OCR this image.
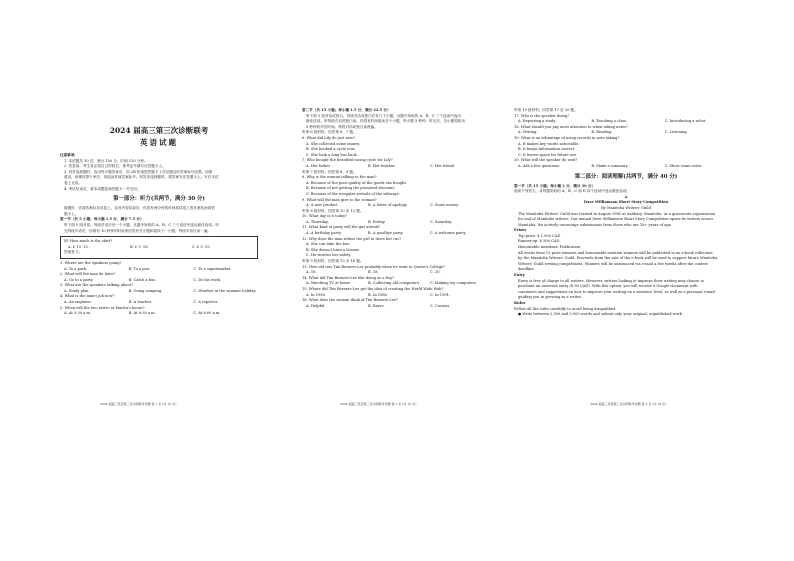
2024 届高三第三次诊断联考
英语试题
注意事项:
1. 本试题共 10 页，满分 150 分，时间 120 分钟。
2. 答卷前，考生务必将自己的姓名、准考证号填写在答题卡上。
3. 回答选择题时，选出每小题答案后，用 2B 铅笔把答题卡上对应题目的答案标号涂黑。如需
改动，用橡皮擦干净后，再选涂其他答案标号。回答非选择题时，将答案写在答题卡上。写在本试
卷上无效。
4. 考试结束后，将本试题卷和答题卡一并交回。
第一部分：听力(共两节，满分 30 分)
做题时，先将答案标在试卷上。录音内容结束后，你将有两分钟的时间将试卷上的答案转涂到答
题卡上。
第一节（共 5 小题；每小题 1.5 分，满分 7.5 分）
听下面 5 段对话。每段对话后有一个小题，从题中所给的 A、B、C 三个选项中选出最佳选项。听
完每段对话后，你都有 10 秒钟的时间来回答有关小题和阅读下一小题。每段对话仅读一遍。
例: How much is the shirt?
A. £ 19. 15.	B. £ 9. 18.	C. £ 9. 15.
答案是 C。
1. Where are the speakers going?
A. To a park.	B. To a pen.	C. To a supermarket.
2. What will the man do later?
A. Go to a party.	B. Catch a bus.	C. Do his work.
3. What are the speakers talking about?
A. Study plan.	B. Going camping.	C. Weather in the summer holiday.
4. What is the man's job now?
A. An engineer.	B. A teacher.	C. A reporter.
5. When will the two arrive at Martin's house?
A. At 5:30 a.m.	B. At 6:30 a.m.	C. At 8:00 a.m.
第二节（共 15 小题；每小题 1.5 分，满分 22.5 分）
听下面 5 段对话或独白。每段对话或独白后有几个小题，从题中所给的 A、B、C 三个选项中选出
最佳选项。听每段对话或独白前，你将有时间阅读各个小题，每小题 5 秒钟；听完后，各小题将给出
5 秒钟的作答时间。每段对话或独白读两遍。
听第 6 段材料，回答第 6、7 题。
6. What did Lily do just now?
A. She collected some money.
B. She booked a cycle tour.
C. She took a long bus back.
7. Who bought the beautiful racing cycle for Lily?
A. Her father.	B. Her brother.	C. Her friend.
听第 7 段材料，回答第 8、9 题。
8. Why is the woman talking to the man?
A. Because of the poor quality of the goods she bought.
B. Because of not getting the promised discount.
C. Because of the irregular arrivals of the subways.
9. What will the man give to the woman?
A. A new product.	B. A letter of apology.	C. Some money.
听第 8 段材料，回答第 10 至 12 题。
10. What day is it today?
A. Thursday.	B. Friday.	C. Saturday.
11. What kind of party will the girl attend?
A. A birthday party.	B. A goodbye party.	C. A welcome party.
12. Why does the man refuse the girl to drive her car?
A. She can take the bus.
B. She doesn't have a license.
C. He worries her safety.
听第 9 段材料，回答第 13 至 16 题。
13. How old was Tim Berners-Lee probably when he went to Queen's College?
A. 16.	B. 18.	C. 20.
14. What did Tim Berners-Lee like doing as a boy?
A. Watching TV at home.	B. Collecting old computers.	C. Making toy computers.
15. Where did Tim Berners-Lee get the idea of creating the World Wide Web?
A. In 1989.	B. In 1980.	C. In 1991.
16. What does the woman think of Tim Berners-Lee?
A. Helpful.	B. Brave.	C. Curious.
听第 10 段材料，回答第 17 至 20 题。
17. Who is the speaker doing?
A. Reporting a study.	B. Teaching a class.	C. Introducing a robot.
18. What should you pay most attention to when taking notes?
A. Writing.	B. Reading.	C. Listening.
19. What is an advantage of using records in note taking?
A. It makes key words noticeable.
B. It keeps information correct.
C. It leaves space for future use.
20. What will the speaker do next?
A. Ask a few questions.	B. Make a summary.	C. Show some notes.
第二部分：阅读理解(共两节，满分 40 分)
第一节（共 15 小题；每小题 2 分，满分 30 分）
阅读下列短文，从每题所给的 A、B、C 和 D 四个选项中选出最佳选项。
A
Dave Williamson Short Story Competition
By Manitoba Writers' Guild
The Manitoba Writers' Guild was formed in August 1981 at Ashbury, Manitoba, as a grassroots organization
for and of Manitoba writers. Our annual Dave Williamson Short Story Competition opens its writers across
Manitoba. We actively encourage submissions from those who are 18+ years of age.
Prizes
Top prize: $ 1,000 CAD
Runner-up: $ 500 CAD
Honourable mentions: Publication
All works from 15 prize winners and honourable mention winners will be published in an e-book collection
by the Manitoba Writers' Guild. Proceeds from the sale of the e-book will be used to support future Manitoba
Writers' Guild writing competitions. Winners will be announced via e-mail a few weeks after the contest
deadline.
Entry
Entry is free of charge to all writers. However, writers looking to improve their writing may choose to
purchase an assessed entry ($ 80 CAD). With this option, you will receive a Google document with
comments and suggestions on how to improve your writing on a sentence level, as well as a personal e-mail
guiding you in growing as a writer.
Rules
Follow all the rules carefully to avoid being disqualified.
● Write between 2,500 and 5,000 words and submit only your original, unpublished work.
2024 届高三英语第三次诊断联考试题 第 1 页 (共 10 页)	2024 届高三英语第三次诊断联考试题 第 2 页 (共 10 页)	2024 届高三英语第三次诊断联考试题 第 3 页 (共 10 页)
